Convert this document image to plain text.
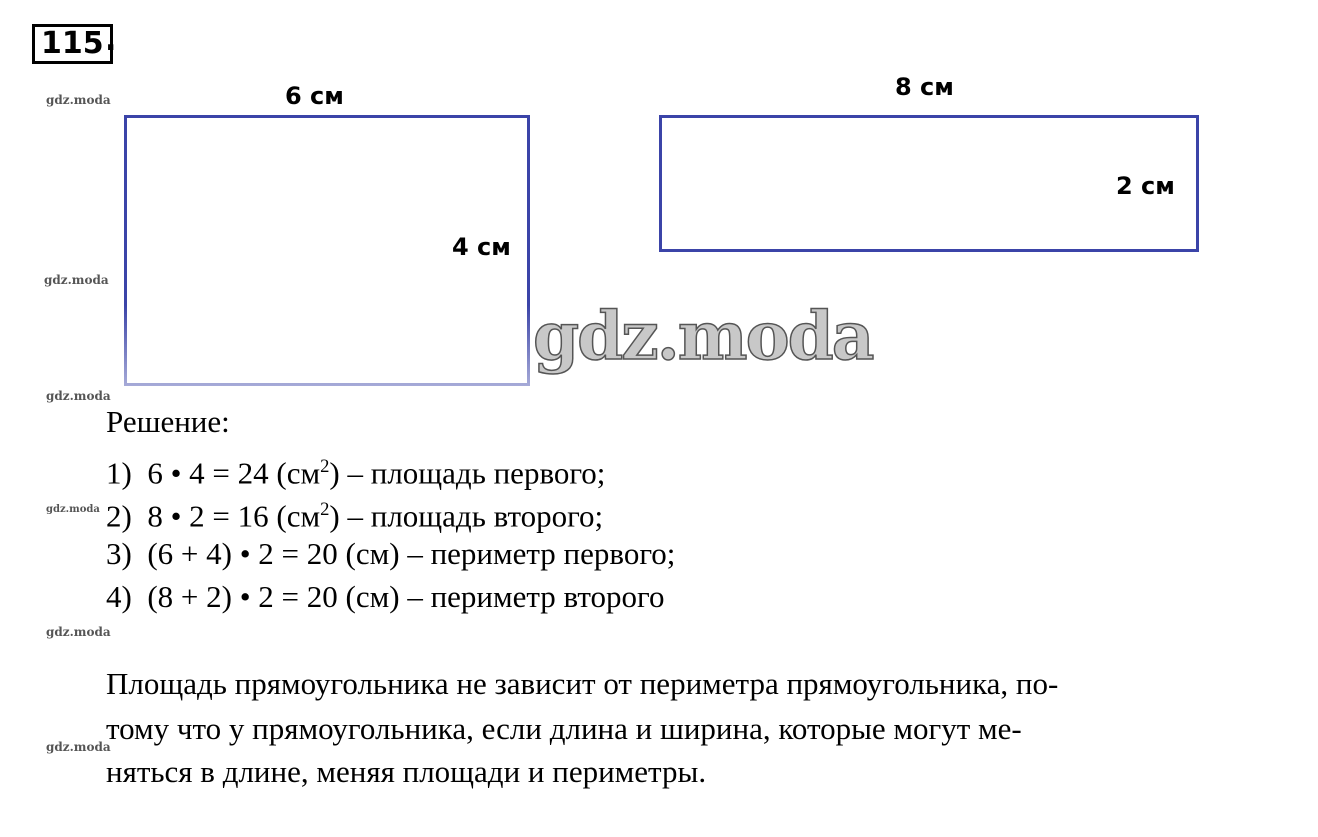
115 .
6 см
4 см
8 см
2 см
gdz.moda
gdz.moda
gdz.moda
gdz.moda
gdz.moda
gdz.moda
gdz.moda
Решение:
1) 6 • 4 = 24 $(см^2)$ – площадь первого;
2) 8 • 2 = 16 $(см^2)$ – площадь второго;
3) (6 + 4) • 2 = 20 (см) – периметр первого;
4) (8 + 2) • 2 = 20 (см) – периметр второго
Площадь прямоугольника не зависит от периметра прямоугольника, по-
тому что у прямоугольника, если длина и ширина, которые могут ме-
няться в длине, меняя площади и периметры.
